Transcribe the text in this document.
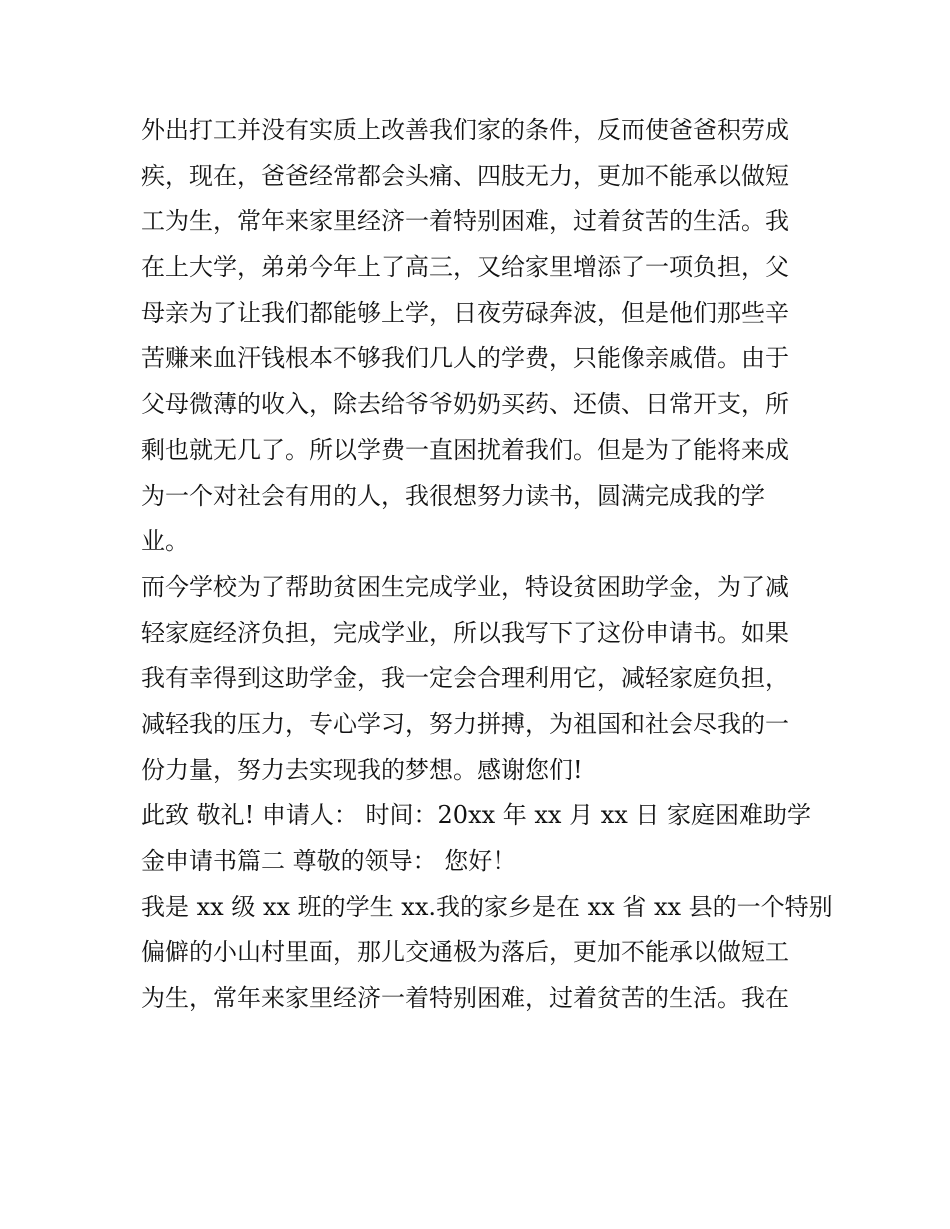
外出打工并没有实质上改善我们家的条件，反而使爸爸积劳成
疾，现在，爸爸经常都会头痛、四肢无力，更加不能承以做短
工为生，常年来家里经济一着特别困难，过着贫苦的生活。我
在上大学，弟弟今年上了高三，又给家里增添了一项负担，父
母亲为了让我们都能够上学，日夜劳碌奔波，但是他们那些辛
苦赚来血汗钱根本不够我们几人的学费，只能像亲戚借。由于
父母微薄的收入，除去给爷爷奶奶买药、还债、日常开支，所
剩也就无几了。所以学费一直困扰着我们。但是为了能将来成
为一个对社会有用的人，我很想努力读书，圆满完成我的学
业。
而今学校为了帮助贫困生完成学业，特设贫困助学金，为了减
轻家庭经济负担，完成学业，所以我写下了这份申请书。如果
我有幸得到这助学金，我一定会合理利用它，减轻家庭负担，
减轻我的压力，专心学习，努力拼搏，为祖国和社会尽我的一
份力量，努力去实现我的梦想。感谢您们!
此致 敬礼! 申请人： 时间：20xx 年 xx 月 xx 日 家庭困难助学
金申请书篇二 尊敬的领导： 您好！
我是 xx 级 xx 班的学生 xx.我的家乡是在 xx 省 xx 县的一个特别
偏僻的小山村里面，那儿交通极为落后，更加不能承以做短工
为生，常年来家里经济一着特别困难，过着贫苦的生活。我在
